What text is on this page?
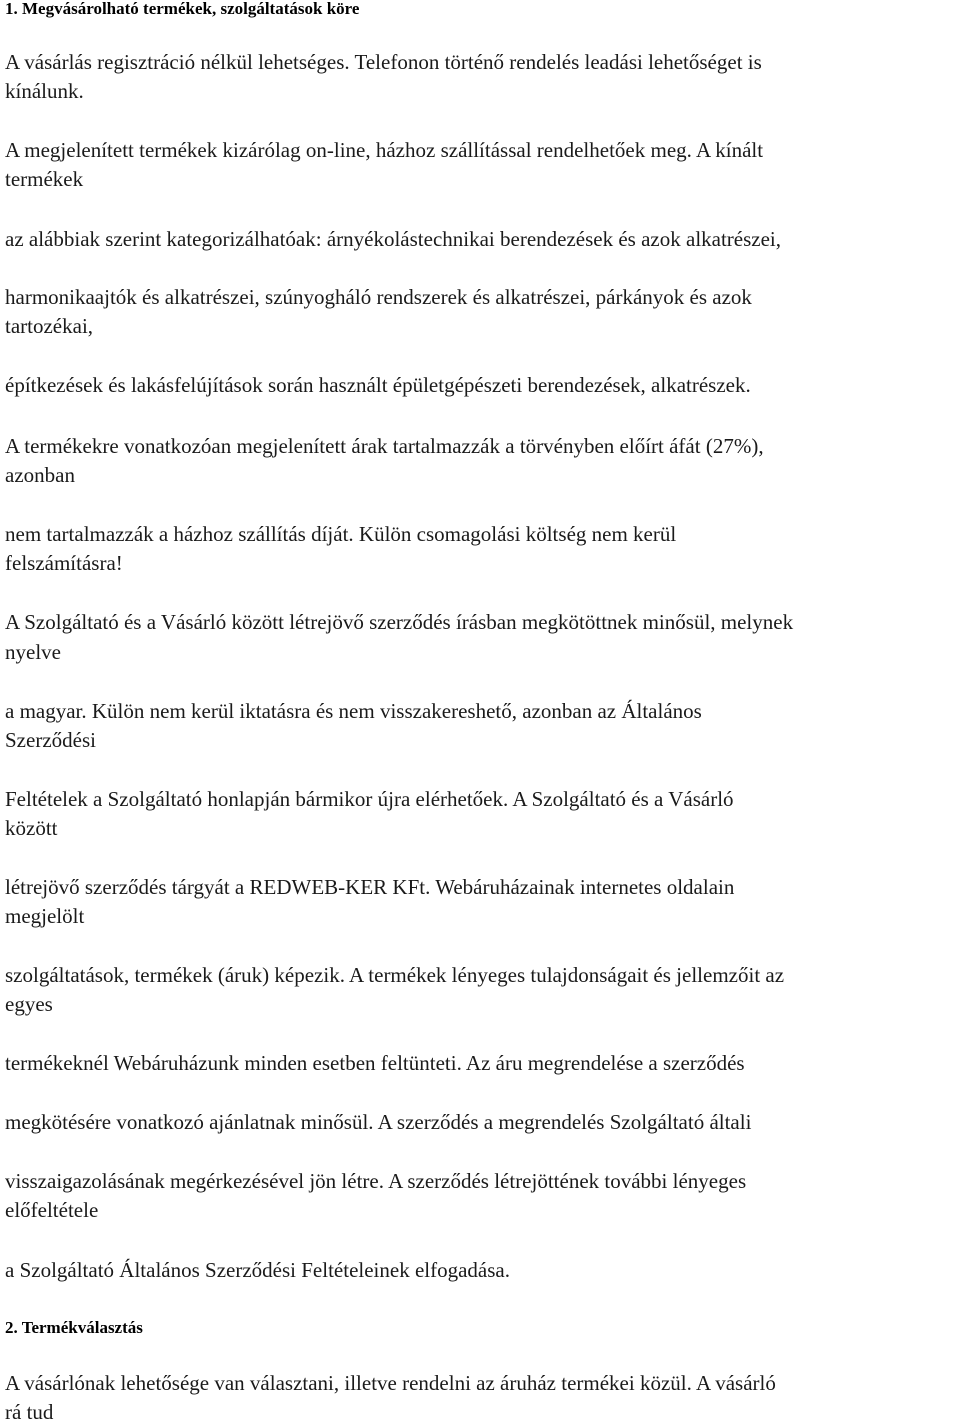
1. Megvásárolható termékek, szolgáltatások köre
A vásárlás regisztráció nélkül lehetséges. Telefonon történő rendelés leadási lehetőséget is
kínálunk.
A megjelenített termékek kizárólag on-line, házhoz szállítással rendelhetőek meg. A kínált
termékek
az alábbiak szerint kategorizálhatóak: árnyékolástechnikai berendezések és azok alkatrészei,
harmonikaajtók és alkatrészei, szúnyogháló rendszerek és alkatrészei, párkányok és azok
tartozékai,
építkezések és lakásfelújítások során használt épületgépészeti berendezések, alkatrészek.
A termékekre vonatkozóan megjelenített árak tartalmazzák a törvényben előírt áfát (27%),
azonban
nem tartalmazzák a házhoz szállítás díját. Külön csomagolási költség nem kerül
felszámításra!
A Szolgáltató és a Vásárló között létrejövő szerződés írásban megkötöttnek minősül, melynek
nyelve
a magyar. Külön nem kerül iktatásra és nem visszakereshető, azonban az Általános
Szerződési
Feltételek a Szolgáltató honlapján bármikor újra elérhetőek. A Szolgáltató és a Vásárló
között
létrejövő szerződés tárgyát a REDWEB-KER KFt. Webáruházainak internetes oldalain
megjelölt
szolgáltatások, termékek (áruk) képezik. A termékek lényeges tulajdonságait és jellemzőit az
egyes
termékeknél Webáruházunk minden esetben feltünteti. Az áru megrendelése a szerződés
megkötésére vonatkozó ajánlatnak minősül. A szerződés a megrendelés Szolgáltató általi
visszaigazolásának megérkezésével jön létre. A szerződés létrejöttének további lényeges
előfeltétele
a Szolgáltató Általános Szerződési Feltételeinek elfogadása.
2. Termékválasztás
A vásárlónak lehetősége van választani, illetve rendelni az áruház termékei közül. A vásárló
rá tud
